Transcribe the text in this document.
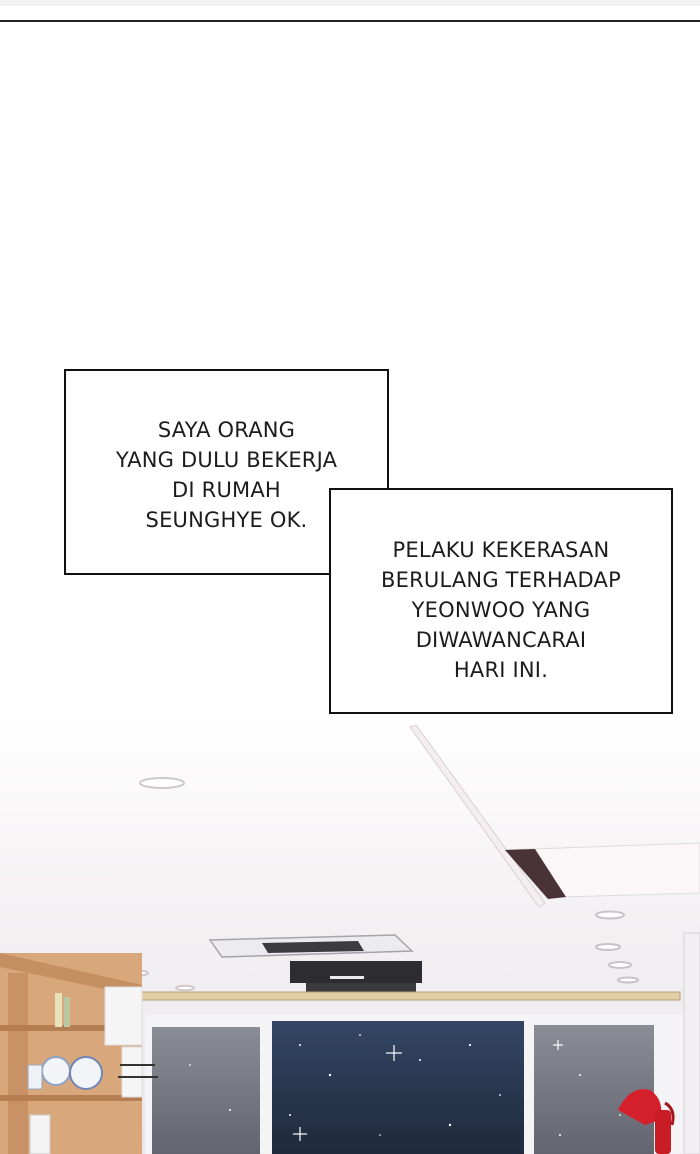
SAYA ORANG
YANG DULU BEKERJA
DI RUMAH
SEUNGHYE OK.
PELAKU KEKERASAN
BERULANG TERHADAP
YEONWOO YANG
DIWAWANCARAI
HARI INI.
